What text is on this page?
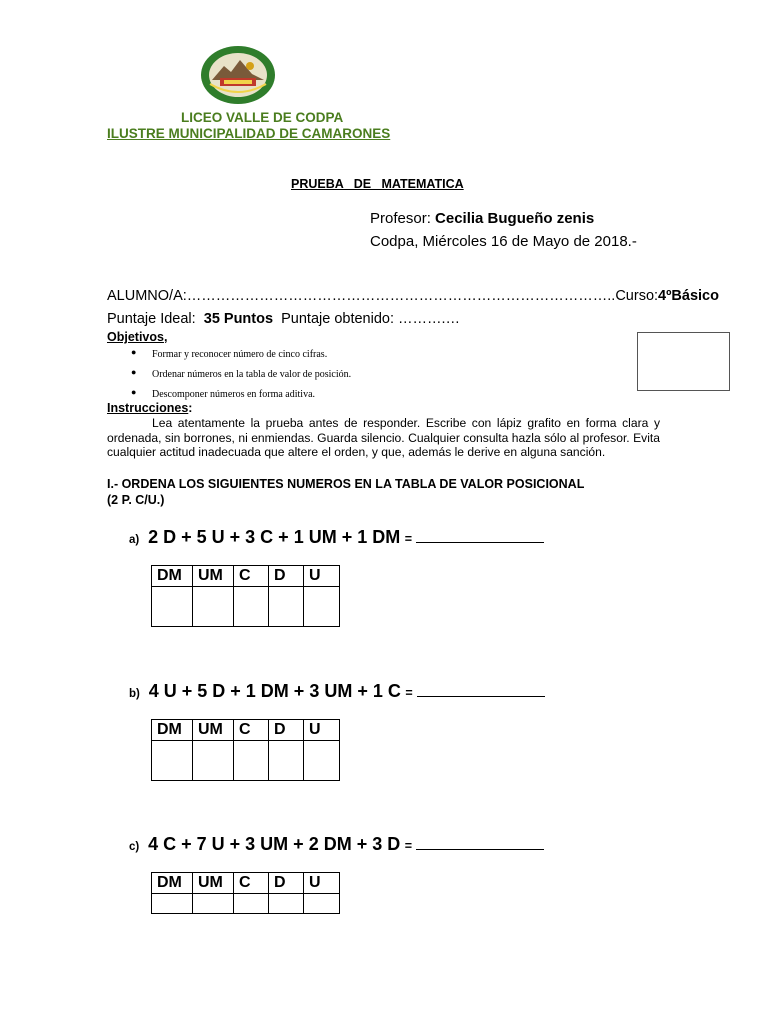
LICEO VALLE DE CODPA
ILUSTRE MUNICIPALIDAD DE CAMARONES
PRUEBA   DE   MATEMATICA
Profesor: Cecilia Bugueño zenis
Codpa, Miércoles 16 de Mayo de 2018.-
ALUMNO/A:……………………………………………………………………………..Curso:4ºBásico
Puntaje Ideal: 35 Puntos Puntaje obtenido: ……….…
Objetivos,
● Formar y reconocer número de cinco cifras.
● Ordenar números en la tabla de valor de posición.
● Descomponer números en forma aditiva.
Instrucciones:
Lea atentamente la prueba antes de responder. Escribe con lápiz grafito en forma clara y ordenada, sin borrones, ni enmiendas. Guarda silencio. Cualquier consulta hazla sólo al profesor. Evita cualquier actitud inadecuada que altere el orden, y que, además le derive en alguna sanción.
I.- ORDENA LOS SIGUIENTES NUMEROS EN LA TABLA DE VALOR POSICIONAL
(2 P. C/U.)
a) 2 D + 5 U + 3 C + 1 UM + 1 DM =
DM	UM	C	D	U

b) 4 U + 5 D + 1 DM + 3 UM + 1 C =
DM	UM	C	D	U

c) 4 C + 7 U + 3 UM + 2 DM + 3 D =
DM	UM	C	D	U
